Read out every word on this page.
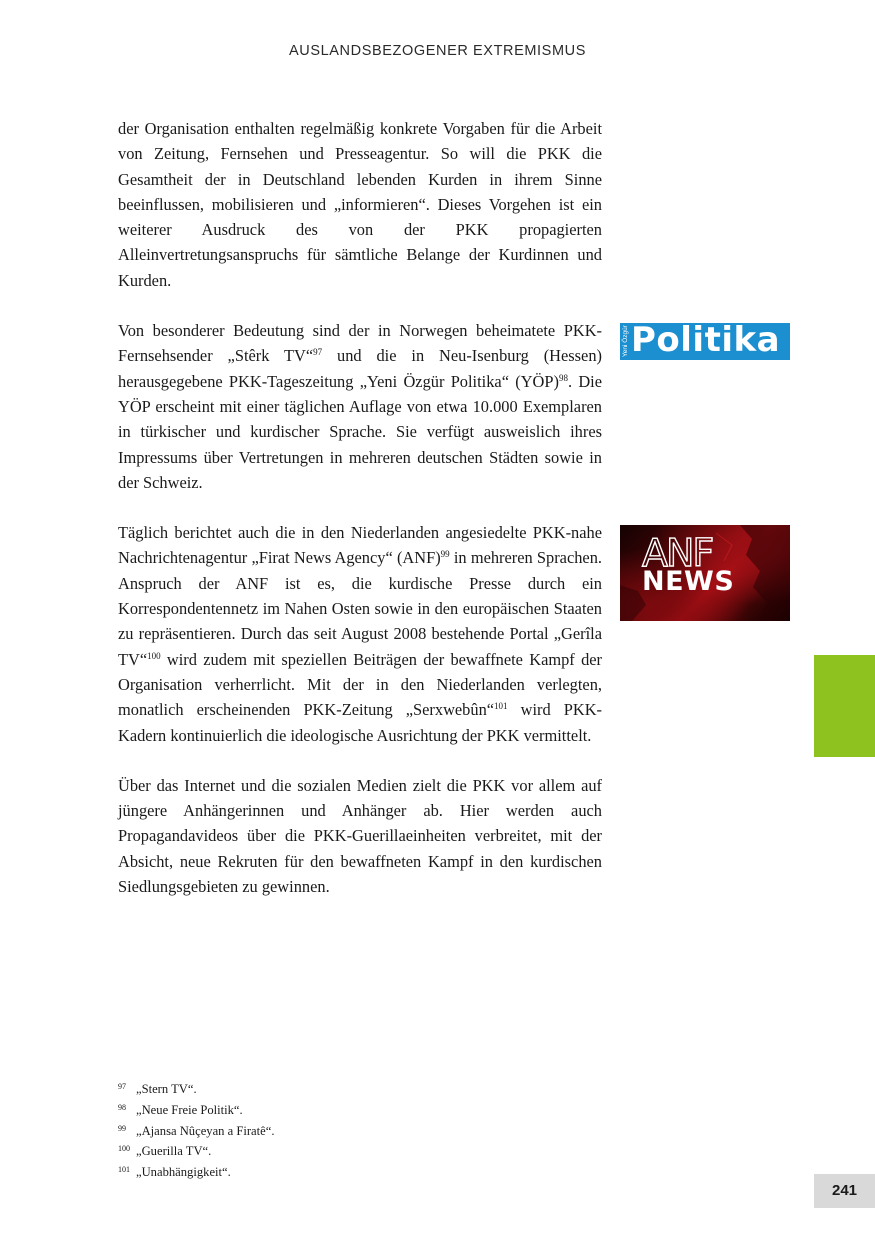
AUSLANDSBEZOGENER EXTREMISMUS

der Organisation enthalten regelmäßig konkrete Vorgaben für die Arbeit von Zeitung, Fernsehen und Presseagentur. So will die PKK die Gesamtheit der in Deutschland lebenden Kurden in ihrem Sinne beeinflussen, mobilisieren und „informieren“. Dieses Vorgehen ist ein weiterer Ausdruck des von der PKK propagierten Alleinvertretungsanspruchs für sämtliche Belange der Kurdinnen und Kurden.

Von besonderer Bedeutung sind der in Norwegen beheimatete PKK-Fernsehsender „Stêrk TV“$^{97}$ und die in Neu-Isenburg (Hessen) herausgegebene PKK-Tageszeitung „Yeni Özgür Politika“ (YÖP)$^{98}$. Die YÖP erscheint mit einer täglichen Auflage von etwa 10.000 Exemplaren in türkischer und kurdischer Sprache. Sie verfügt ausweislich ihres Impressums über Vertretungen in mehreren deutschen Städten sowie in der Schweiz.

Täglich berichtet auch die in den Niederlanden angesiedelte PKK-nahe Nachrichtenagentur „Firat News Agency“ (ANF)$^{99}$ in mehreren Sprachen. Anspruch der ANF ist es, die kurdische Presse durch ein Korrespondentennetz im Nahen Osten sowie in den europäischen Staaten zu repräsentieren. Durch das seit August 2008 bestehende Portal „Gerîla TV“$^{100}$ wird zudem mit speziellen Beiträgen der bewaffnete Kampf der Organisation verherrlicht. Mit der in den Niederlanden verlegten, monatlich erscheinenden PKK-Zeitung „Serxwebûn“$^{101}$ wird PKK-Kadern kontinuierlich die ideologische Ausrichtung der PKK vermittelt.

Über das Internet und die sozialen Medien zielt die PKK vor allem auf jüngere Anhängerinnen und Anhänger ab. Hier werden auch Propagandavideos über die PKK-Guerillaeinheiten verbreitet, mit der Absicht, neue Rekruten für den bewaffneten Kampf in den kurdischen Siedlungsgebieten zu gewinnen.

Yeni Özgür Politika
ANF
NEWS
97 „Stern TV“.
98 „Neue Freie Politik“.
99 „Ajansa Nûçeyan a Firatê“.
100 „Guerilla TV“.
101 „Unabhängigkeit“.
241
